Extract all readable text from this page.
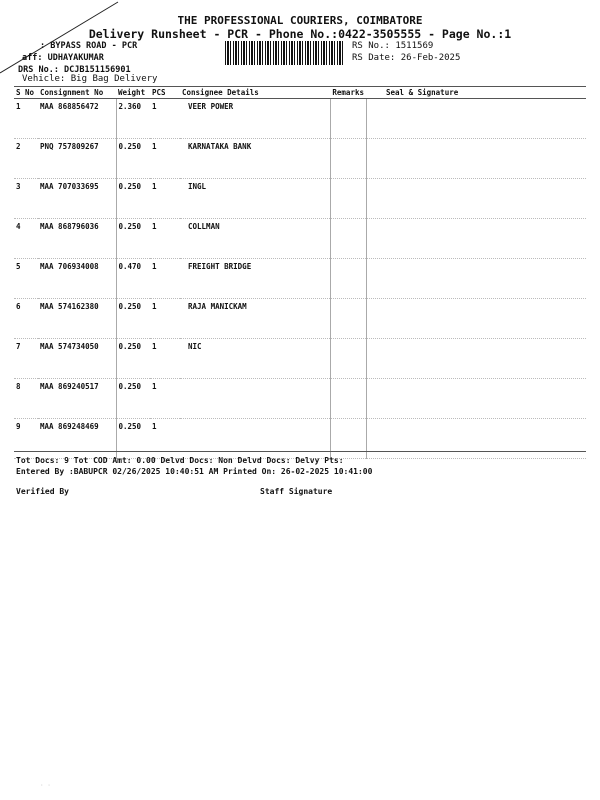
THE PROFESSIONAL COURIERS, COIMBATORE
Delivery Runsheet - PCR - Phone No.:0422-3505555 - Page No.:1
: BYPASS ROAD - PCR
aff: UDHAYAKUMAR
DRS No.: DCJB151156901
Vehicle: Big Bag Delivery
RS No.: 1511569
RS Date: 26-Feb-2025
S No	Consignment No	Weight	PCS	Consignee Details	Remarks	Seal & Signature
1	MAA 868856472	2.360	1	VEER POWER		
2	PNQ 757809267	0.250	1	KARNATAKA BANK		
3	MAA 707033695	0.250	1	INGL		
4	MAA 868796036	0.250	1	COLLMAN		
5	MAA 706934008	0.470	1	FREIGHT BRIDGE		
6	MAA 574162380	0.250	1	RAJA MANICKAM		
7	MAA 574734050	0.250	1	NIC		
8	MAA 869240517	0.250	1			
9	MAA 869248469	0.250	1			
Tot Docs: 9 Tot COD Amt: 0.00 Delvd Docs: Non Delvd Docs: Delvy Pts:
Entered By :BABUPCR 02/26/2025 10:40:51 AM Printed On: 26-02-2025 10:41:00
Verified By	Staff Signature
· ·
